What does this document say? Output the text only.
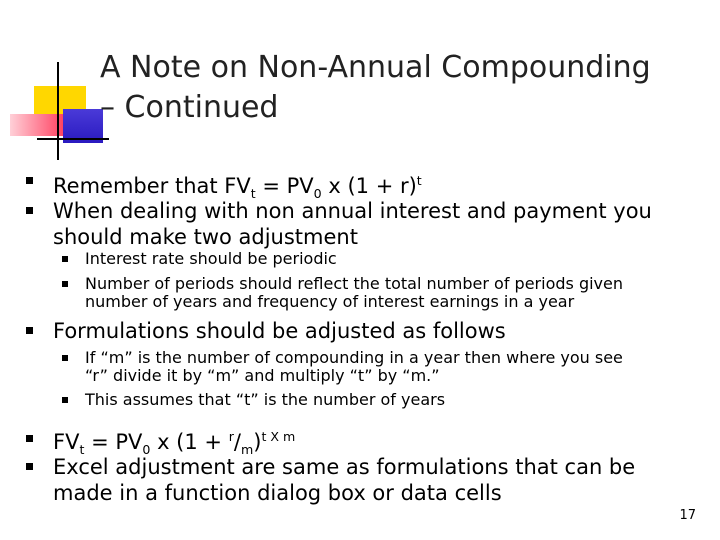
A Note on Non-Annual Compounding
– Continued
Remember that $FV_t = PV_0$ x $(1 + r)^t$
When dealing with non annual interest and payment you
should make two adjustment
Interest rate should be periodic
Number of periods should reflect the total number of periods given
number of years and frequency of interest earnings in a year
Formulations should be adjusted as follows
If “m” is the number of compounding in a year then where you see
“r” divide it by “m” and multiply “t” by “m.”
This assumes that “t” is the number of years
$FV_t = PV_0$ x $(1 + ^r/_m)^{t X m}$
Excel adjustment are same as formulations that can be
made in a function dialog box or data cells
17
